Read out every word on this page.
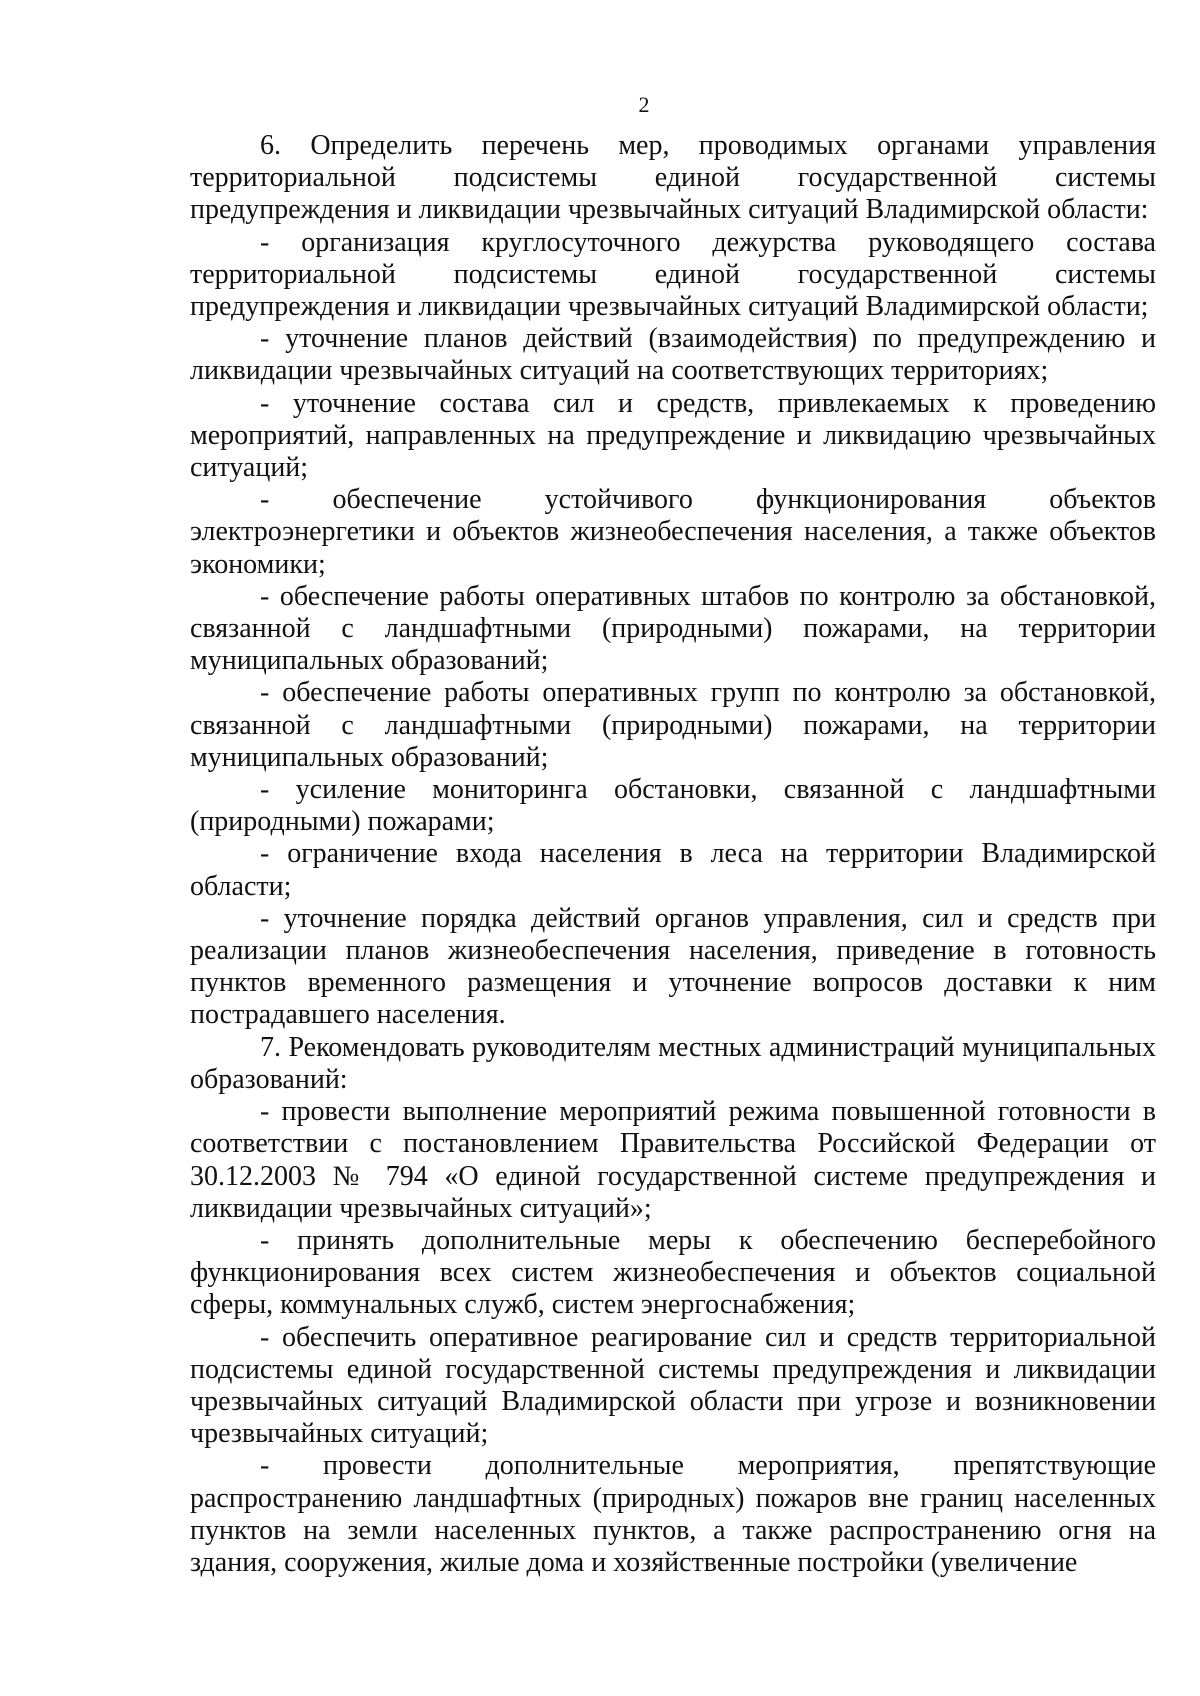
2

6. Определить перечень мер, проводимых органами управления территориальной подсистемы единой государственной системы предупреждения и ликвидации чрезвычайных ситуаций Владимирской области:

- организация круглосуточного дежурства руководящего состава территориальной подсистемы единой государственной системы предупреждения и ликвидации чрезвычайных ситуаций Владимирской области;

- уточнение планов действий (взаимодействия) по предупреждению и ликвидации чрезвычайных ситуаций на соответствующих территориях;

- уточнение состава сил и средств, привлекаемых к проведению мероприятий, направленных на предупреждение и ликвидацию чрезвычайных ситуаций;

- обеспечение устойчивого функционирования объектов электроэнергетики и объектов жизнеобеспечения населения, а также объектов экономики;

- обеспечение работы оперативных штабов по контролю за обстановкой, связанной с ландшафтными (природными) пожарами, на территории муниципальных образований;

- обеспечение работы оперативных групп по контролю за обстановкой, связанной с ландшафтными (природными) пожарами, на территории муниципальных образований;

- усиление мониторинга обстановки, связанной с ландшафтными (природными) пожарами;

- ограничение входа населения в леса на территории Владимирской области;

- уточнение порядка действий органов управления, сил и средств при реализации планов жизнеобеспечения населения, приведение в готовность пунктов временного размещения и уточнение вопросов доставки к ним пострадавшего населения.

7. Рекомендовать руководителям местных администраций муниципальных образований:

- провести выполнение мероприятий режима повышенной готовности в соответствии с постановлением Правительства Российской Федерации от 30.12.2003 № 794 «О единой государственной системе предупреждения и ликвидации чрезвычайных ситуаций»;

- принять дополнительные меры к обеспечению бесперебойного функционирования всех систем жизнеобеспечения и объектов социальной сферы, коммунальных служб, систем энергоснабжения;

- обеспечить оперативное реагирование сил и средств территориальной подсистемы единой государственной системы предупреждения и ликвидации чрезвычайных ситуаций Владимирской области при угрозе и возникновении чрезвычайных ситуаций;

- провести дополнительные мероприятия, препятствующие распространению ландшафтных (природных) пожаров вне границ населенных пунктов на земли населенных пунктов, а также распространению огня на здания, сооружения, жилые дома и хозяйственные постройки (увеличение
